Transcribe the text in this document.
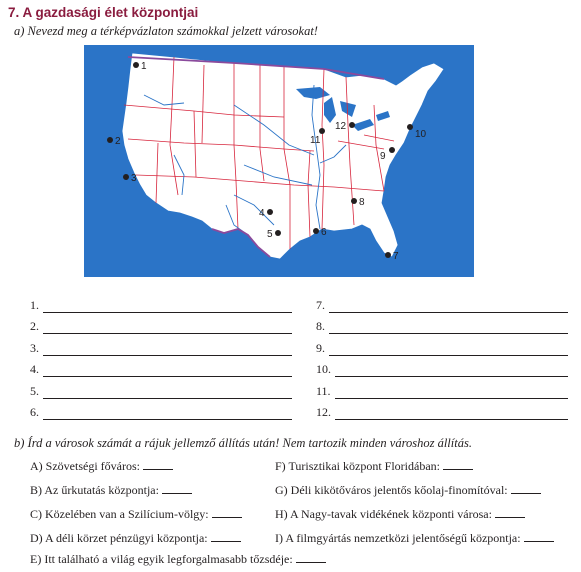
7. A gazdasági élet központjai
a) Nevezd meg a térképvázlaton számokkal jelzett városokat!
1
2
3
4
5	6
7
8
9
10
11
12
1.
2.
3.
4.
5.
6.
7.
8.
9.
10.
11.
12.
b) Írd a városok számát a rájuk jellemző állítás után! Nem tartozik minden városhoz állítás.
A) Szövetségi főváros:
B) Az űrkutatás központja:
C) Közelében van a Szilícium-völgy:
D) A déli körzet pénzügyi központja:
E) Itt található a világ egyik legforgalmasabb tőzsdéje:
F) Turisztikai központ Floridában:
G) Déli kikötőváros jelentős kőolaj-finomítóval:
H) A Nagy-tavak vidékének központi városa:
I) A filmgyártás nemzetközi jelentőségű központja:
